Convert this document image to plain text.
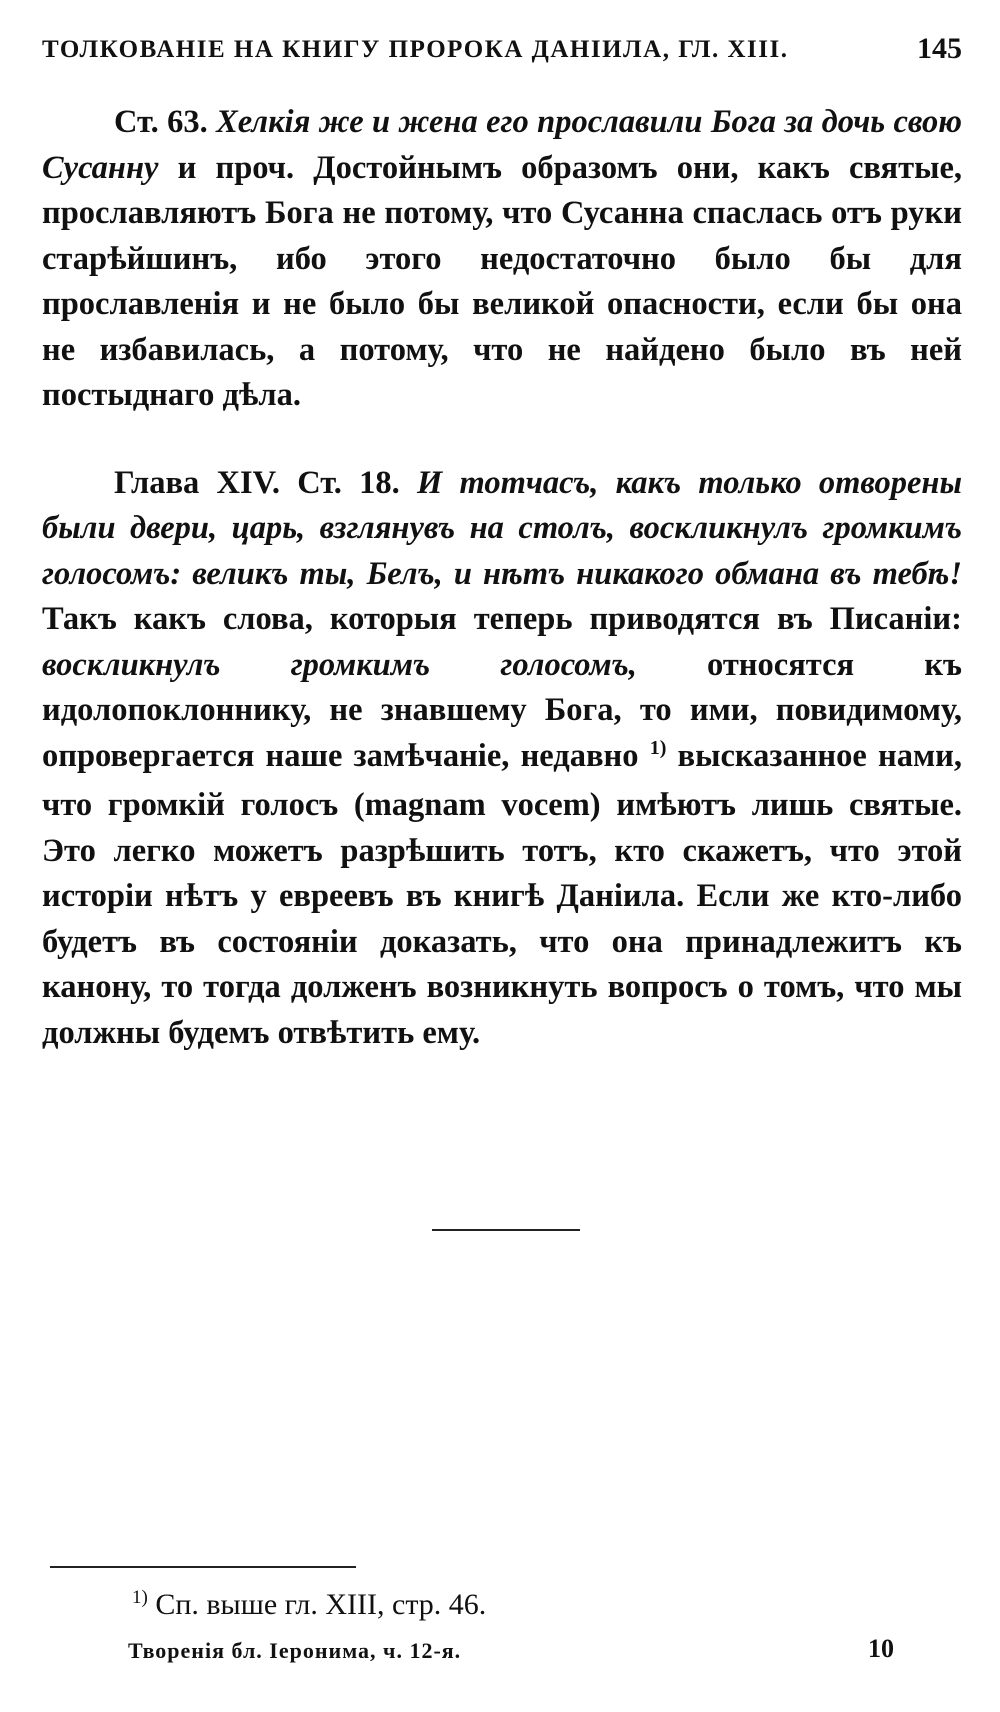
ТОЛКОВАНІЕ НА КНИГУ ПРОРОКА ДАНІИЛА, ГЛ. XIII.	145

Ст. 63. Хелкія же и жена его прославили Бога за дочь свою Сусанну и проч. Достойнымъ образомъ они, какъ святые, прославляютъ Бога не потому, что Сусанна спаслась отъ руки старѣйшинъ, ибо этого недостаточно было бы для прославленія и не было бы великой опасности, если бы она не избавилась, а потому, что не найдено было въ ней постыднаго дѣла.

Глава XIV. Ст. 18. И тотчасъ, какъ только отворены были двери, царь, взглянувъ на столъ, воскликнулъ громкимъ голосомъ: великъ ты, Белъ, и нѣтъ никакого обмана въ тебѣ! Такъ какъ слова, которыя теперь приводятся въ Писаніи: воскликнулъ громкимъ голосомъ, относятся къ идолопоклоннику, не знавшему Бога, то ими, повидимому, опровергается наше замѣчаніе, недавно $^{1)}$ высказанное нами, что громкій голосъ (magnam vocem) имѣютъ лишь святые. Это легко можетъ разрѣшить тотъ, кто скажетъ, что этой исторіи нѣтъ у евреевъ въ книгѣ Даніила. Если же кто-либо будетъ въ состояніи доказать, что она принадлежитъ къ канону, то тогда долженъ возникнуть вопросъ о томъ, что мы должны будемъ отвѣтить ему.

$^{1)}$ Сп. выше гл. XIII, стр. 46.
Творенія бл. Іеронима, ч. 12-я.	10
